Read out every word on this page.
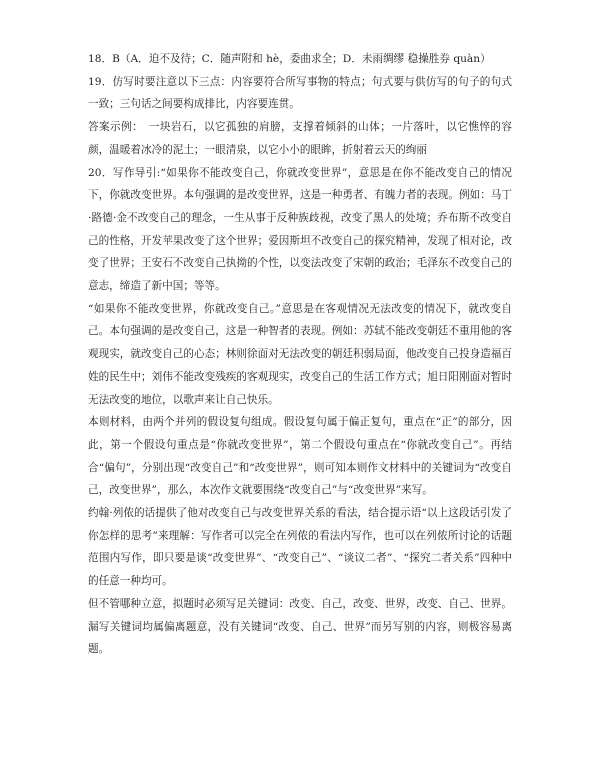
18．B（A．迫不及待；C．随声附和 hè，委曲求全；D．未雨绸缪 稳操胜券 quàn）

19．仿写时要注意以下三点：内容要符合所写事物的特点；句式要与供仿写的句子的句式一致；三句话之间要构成排比，内容要连贯。

答案示例：　一块岩石，以它孤独的肩膀，支撑着倾斜的山体；一片落叶，以它憔悴的容颜，温暖着冰冷的泥土；一眼清泉，以它小小的眼眸，折射着云天的绚丽

20．写作导引:“如果你不能改变自己，你就改变世界”，意思是在你不能改变自己的情况下，你就改变世界。本句强调的是改变世界，这是一种勇者、有魄力者的表现。例如：马丁·路德·金不改变自己的理念，一生从事于反种族歧视，改变了黑人的处境；乔布斯不改变自己的性格，开发苹果改变了这个世界；爱因斯坦不改变自己的探究精神，发现了相对论，改变了世界；王安石不改变自己执拗的个性，以变法改变了宋朝的政治；毛泽东不改变自己的意志，缔造了新中国；等等。

“如果你不能改变世界，你就改变自己。”意思是在客观情况无法改变的情况下，就改变自己。本句强调的是改变自己，这是一种智者的表现。例如：苏轼不能改变朝廷不重用他的客观现实，就改变自己的心态；林则徐面对无法改变的朝廷积弱局面，他改变自己投身造福百姓的民生中；刘伟不能改变残疾的客观现实，改变自己的生活工作方式；旭日阳刚面对暂时无法改变的地位，以歌声来让自己快乐。

本则材料，由两个并列的假设复句组成。假设复句属于偏正复句，重点在“正”的部分，因此，第一个假设句重点是“你就改变世界”，第二个假设句重点在“你就改变自己”。再结合“偏句”，分别出现“改变自己”和“改变世界”，则可知本则作文材料中的关键词为“改变自己，改变世界”，那么，本次作文就要围绕“改变自己”与“改变世界”来写。

约翰·列侬的话提供了他对改变自己与改变世界关系的看法，结合提示语“以上这段话引发了你怎样的思考”来理解：写作者可以完全在列侬的看法内写作，也可以在列侬所讨论的话题范围内写作，即只要是谈“改变世界”、“改变自己”、“谈议二者”、“探究二者关系”四种中的任意一种均可。

但不管哪种立意，拟题时必须写足关键词：改变、自己，改变、世界，改变、自己、世界。漏写关键词均属偏离题意，没有关键词“改变、自己、世界”而另写别的内容，则极容易离题。
